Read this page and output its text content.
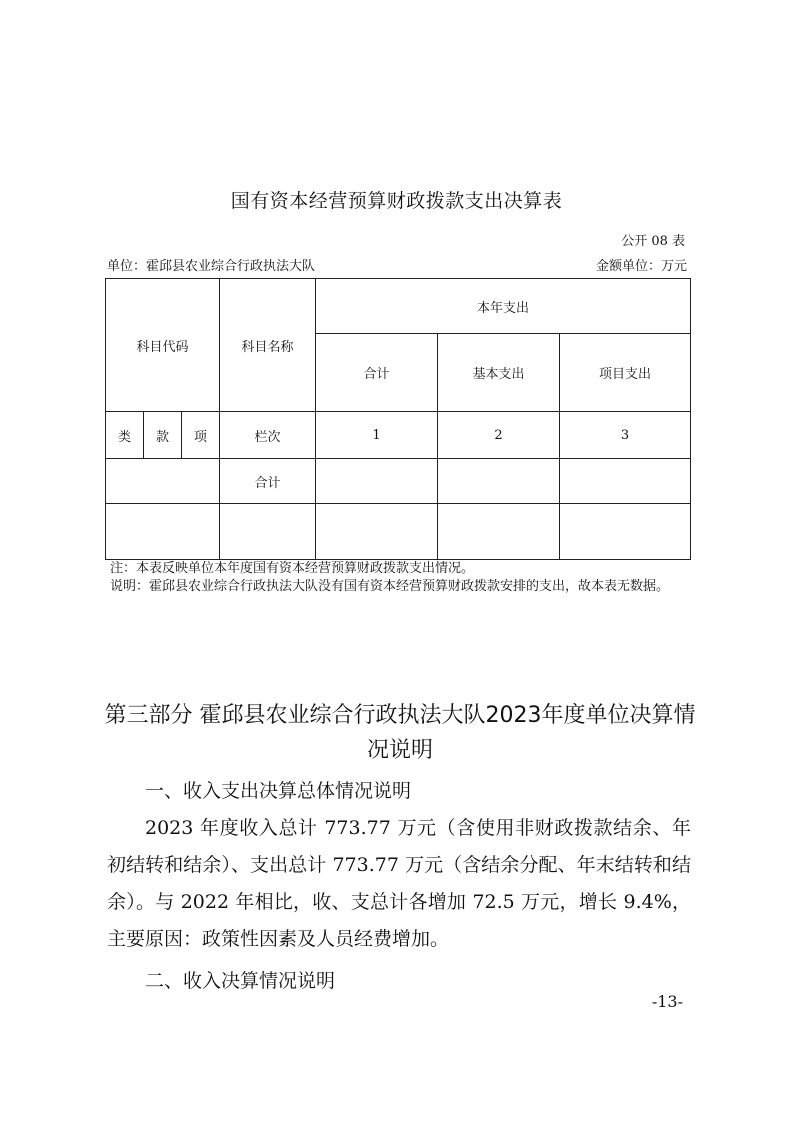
国有资本经营预算财政拨款支出决算表
公开 08 表
单位：霍邱县农业综合行政执法大队	金额单位：万元
科目代码			科目名称	本年支出		
				合计	基本支出	项目支出
类	款	项	栏次	1	2	3
			合计			

注：本表反映单位本年度国有资本经营预算财政拨款支出情况。

说明：霍邱县农业综合行政执法大队没有国有资本经营预算财政拨款安排的支出，故本表无数据。

第三部分 霍邱县农业综合行政执法大队2023年度单位决算情况说明
一、收入支出决算总体情况说明

2023 年度收入总计 773.77 万元（含使用非财政拨款结余、年初结转和结余）、支出总计 773.77 万元（含结余分配、年末结转和结余）。与 2022 年相比，收、支总计各增加 72.5 万元，增长 9.4%，主要原因：政策性因素及人员经费增加。

二、收入决算情况说明
-13-
